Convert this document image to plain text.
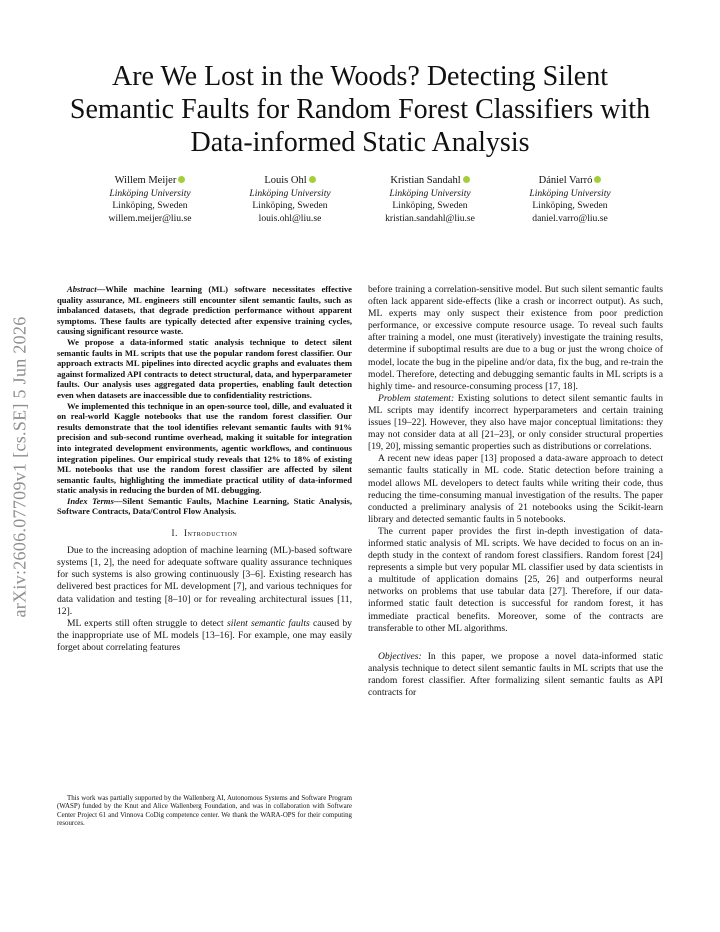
Are We Lost in the Woods? Detecting Silent
Semantic Faults for Random Forest Classifiers with
Data-informed Static Analysis
Willem Meijer
Linköping University
Linköping, Sweden
willem.meijer@liu.se
Louis Ohl
Linköping University
Linköping, Sweden
louis.ohl@liu.se
Kristian Sandahl
Linköping University
Linköping, Sweden
kristian.sandahl@liu.se
Dániel Varró
Linköping University
Linköping, Sweden
daniel.varro@liu.se
arXiv:2606.07709v1 [cs.SE] 5 Jun 2026

Abstract—While machine learning (ML) software necessitates effective quality assurance, ML engineers still encounter silent semantic faults, such as imbalanced datasets, that degrade prediction performance without apparent symptoms. These faults are typically detected after expensive training cycles, causing significant resource waste.

We propose a data-informed static analysis technique to detect silent semantic faults in ML scripts that use the popular random forest classifier. Our approach extracts ML pipelines into directed acyclic graphs and evaluates them against formalized API contracts to detect structural, data, and hyperparameter faults. Our analysis uses aggregated data properties, enabling fault detection even when datasets are inaccessible due to confidentiality restrictions.

We implemented this technique in an open-source tool, dille, and evaluated it on real-world Kaggle notebooks that use the random forest classifier. Our results demonstrate that the tool identifies relevant semantic faults with 91% precision and sub-second runtime overhead, making it suitable for integration into integrated development environments, agentic workflows, and continuous integration pipelines. Our empirical study reveals that 12% to 18% of existing ML notebooks that use the random forest classifier are affected by silent semantic faults, highlighting the immediate practical utility of data-informed static analysis in reducing the burden of ML debugging.

Index Terms—Silent Semantic Faults, Machine Learning, Static Analysis, Software Contracts, Data/Control Flow Analysis.

I. Introduction

Due to the increasing adoption of machine learning (ML)-based software systems [1, 2], the need for adequate software quality assurance techniques for such systems is also growing continuously [3–6]. Existing research has delivered best practices for ML development [7], and various techniques for data validation and testing [8–10] or for revealing architectural issues [11, 12].

ML experts still often struggle to detect silent semantic faults caused by the inappropriate use of ML models [13–16]. For example, one may easily forget about correlating features

This work was partially supported by the Wallenberg AI, Autonomous Systems and Software Program (WASP) funded by the Knut and Alice Wallenberg Foundation, and was in collaboration with Software Center Project 61 and Vinnova CoDig competence center. We thank the WARA-OPS for their computing resources.

before training a correlation-sensitive model. But such silent semantic faults often lack apparent side-effects (like a crash or incorrect output). As such, ML experts may only suspect their existence from poor prediction performance, or excessive compute resource usage. To reveal such faults after training a model, one must (iteratively) investigate the training results, determine if suboptimal results are due to a bug or just the wrong choice of model, locate the bug in the pipeline and/or data, fix the bug, and re-train the model. Therefore, detecting and debugging semantic faults in ML scripts is a highly time- and resource-consuming process [17, 18].

Problem statement: Existing solutions to detect silent semantic faults in ML scripts may identify incorrect hyperparameters and certain training issues [19–22]. However, they also have major conceptual limitations: they may not consider data at all [21–23], or only consider structural properties [19, 20], missing semantic properties such as distributions or correlations.

A recent new ideas paper [13] proposed a data-aware approach to detect semantic faults statically in ML code. Static detection before training a model allows ML developers to detect faults while writing their code, thus reducing the time-consuming manual investigation of the results. The paper conducted a preliminary analysis of 21 notebooks using the Scikit-learn library and detected semantic faults in 5 notebooks.

The current paper provides the first in-depth investigation of data-informed static analysis of ML scripts. We have decided to focus on an in-depth study in the context of random forest classifiers. Random forest [24] represents a simple but very popular ML classifier used by data scientists in a multitude of application domains [25, 26] and outperforms neural networks on problems that use tabular data [27]. Therefore, if our data-informed static fault detection is successful for random forest, it has immediate practical benefits. Moreover, some of the contracts are transferable to other ML algorithms.

Objectives: In this paper, we propose a novel data-informed static analysis technique to detect silent semantic faults in ML scripts that use the random forest classifier. After formalizing silent semantic faults as API contracts for
